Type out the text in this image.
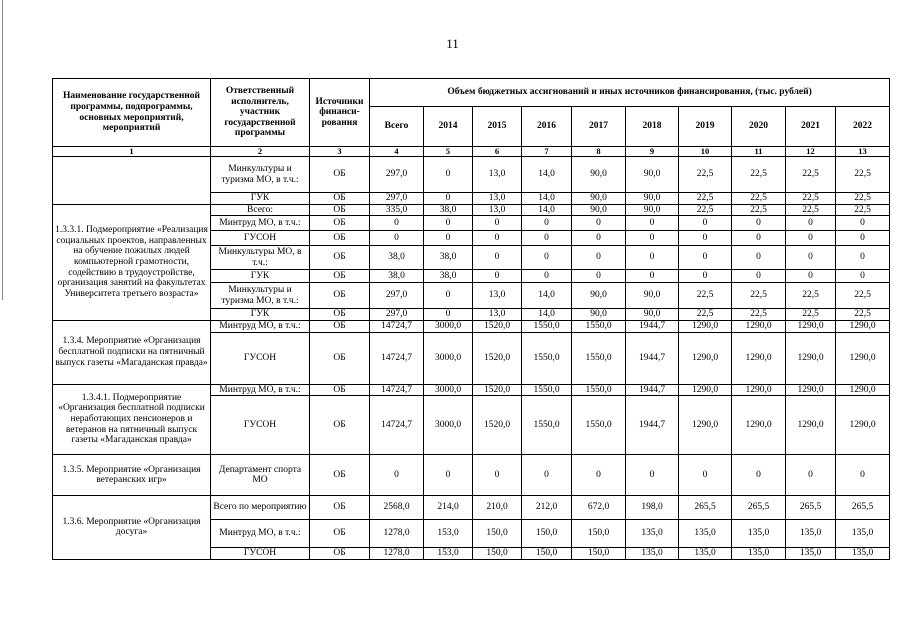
11
Наименование государственной программы, подпрограммы, основных мероприятий, мероприятий	Ответственный исполнитель, участник государственной программы	Источники финанси-рования	Объем бюджетных ассигнований и иных источников финансирования, (тыс. рублей)									
			Всего	2014	2015	2016	2017	2018	2019	2020	2021	2022
1	2	3	4	5	6	7	8	9	10	11	12	13
	Минкультуры и туризма МО, в т.ч.:	ОБ	297,0	0	13,0	14,0	90,0	90,0	22,5	22,5	22,5	22,5
	ГУК	ОБ	297,0	0	13,0	14,0	90,0	90,0	22,5	22,5	22,5	22,5
1.3.3.1. Подмероприятие «Реализация социальных проектов, направленных на обучение пожилых людей компьютерной грамотности, содействию в трудоустройстве, организация занятий на факультетах Университета третьего возраста»	Всего:	ОБ	335,0	38,0	13,0	14,0	90,0	90,0	22,5	22,5	22,5	22,5
	Минтруд МО, в т.ч.:	ОБ	0	0	0	0	0	0	0	0	0	0
	ГУСОН	ОБ	0	0	0	0	0	0	0	0	0	0
	Минкультуры МО, в т.ч.:	ОБ	38,0	38,0	0	0	0	0	0	0	0	0
	ГУК	ОБ	38,0	38,0	0	0	0	0	0	0	0	0
	Минкультуры и туризма МО, в т.ч.:	ОБ	297,0	0	13,0	14,0	90,0	90,0	22,5	22,5	22,5	22,5
	ГУК	ОБ	297,0	0	13,0	14,0	90,0	90,0	22,5	22,5	22,5	22,5
1.3.4. Мероприятие «Организация бесплатной подписки на пятничный выпуск газеты «Магаданская правда»	Минтруд МО, в т.ч.:	ОБ	14724,7	3000,0	1520,0	1550,0	1550,0	1944,7	1290,0	1290,0	1290,0	1290,0
	ГУСОН	ОБ	14724,7	3000,0	1520,0	1550,0	1550,0	1944,7	1290,0	1290,0	1290,0	1290,0
1.3.4.1. Подмероприятие «Организация бесплатной подписки неработающих пенсионеров и ветеранов на пятничный выпуск газеты «Магаданская правда»	Минтруд МО, в т.ч.:	ОБ	14724,7	3000,0	1520,0	1550,0	1550,0	1944,7	1290,0	1290,0	1290,0	1290,0
	ГУСОН	ОБ	14724,7	3000,0	1520,0	1550,0	1550,0	1944,7	1290,0	1290,0	1290,0	1290,0
1.3.5. Мероприятие «Организация ветеранских игр»	Департамент спорта МО	ОБ	0	0	0	0	0	0	0	0	0	0
1.3.6. Мероприятие «Организация досуга»	Всего по мероприятию	ОБ	2568,0	214,0	210,0	212,0	672,0	198,0	265,5	265,5	265,5	265,5
	Минтруд МО, в т.ч.:	ОБ	1278,0	153,0	150,0	150,0	150,0	135,0	135,0	135,0	135,0	135,0
	ГУСОН	ОБ	1278,0	153,0	150,0	150,0	150,0	135,0	135,0	135,0	135,0	135,0
